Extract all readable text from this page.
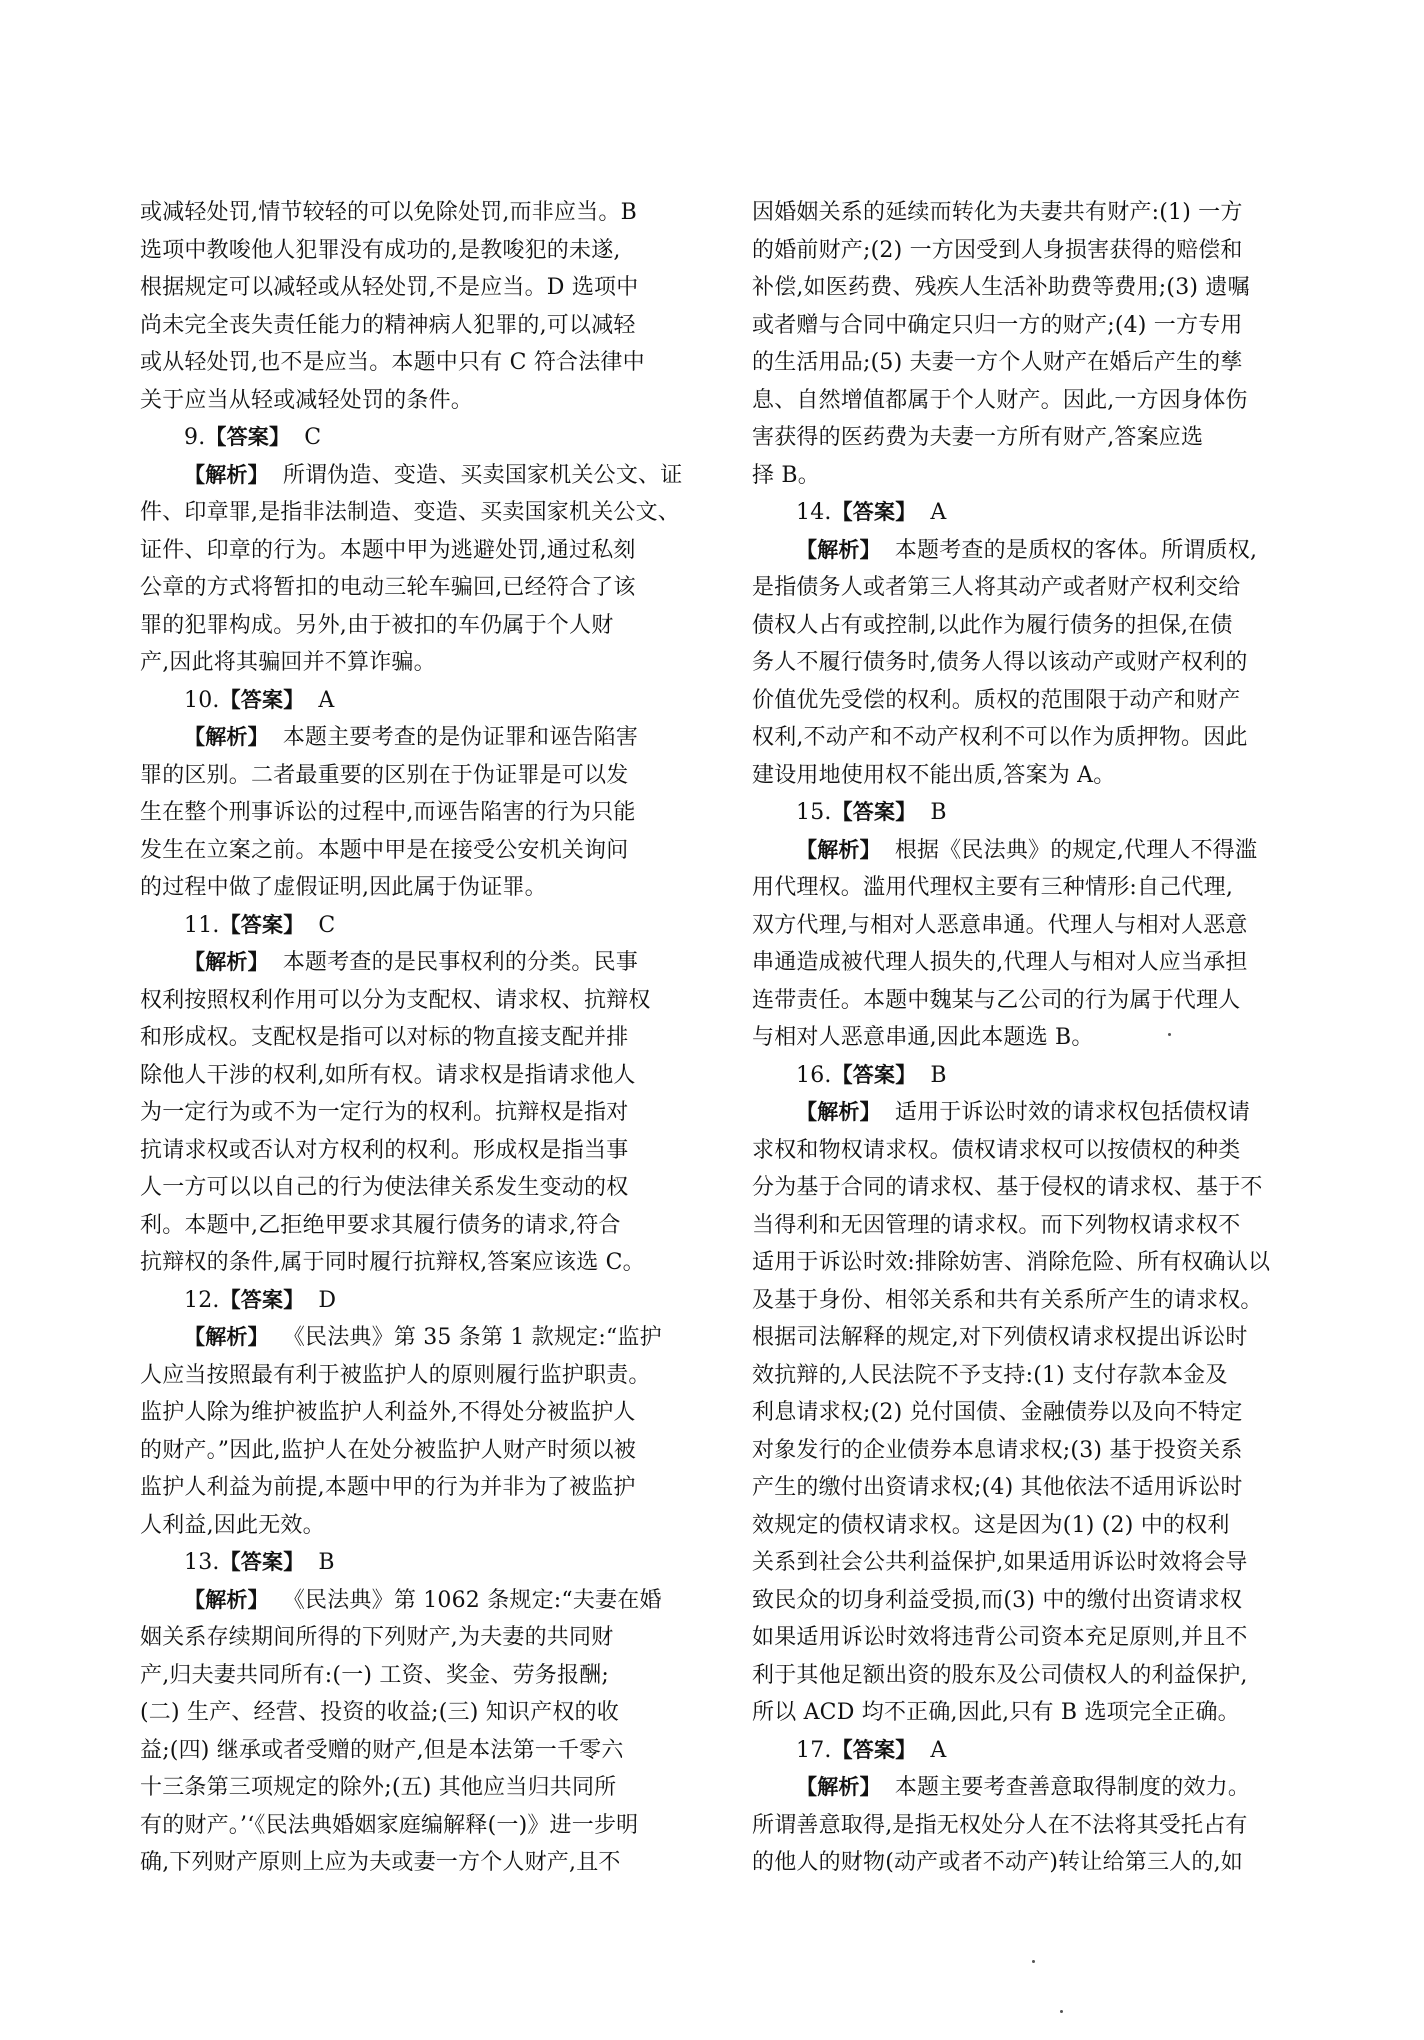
或减轻处罚,情节较轻的可以免除处罚,而非应当。B
选项中教唆他人犯罪没有成功的,是教唆犯的未遂,
根据规定可以减轻或从轻处罚,不是应当。D 选项中
尚未完全丧失责任能力的精神病人犯罪的,可以减轻
或从轻处罚,也不是应当。本题中只有 C 符合法律中
关于应当从轻或减轻处罚的条件。
9.【答案】 C
【解析】 所谓伪造、变造、买卖国家机关公文、证
件、印章罪,是指非法制造、变造、买卖国家机关公文、
证件、印章的行为。本题中甲为逃避处罚,通过私刻
公章的方式将暂扣的电动三轮车骗回,已经符合了该
罪的犯罪构成。另外,由于被扣的车仍属于个人财
产,因此将其骗回并不算诈骗。
10.【答案】 A
【解析】 本题主要考查的是伪证罪和诬告陷害
罪的区别。二者最重要的区别在于伪证罪是可以发
生在整个刑事诉讼的过程中,而诬告陷害的行为只能
发生在立案之前。本题中甲是在接受公安机关询问
的过程中做了虚假证明,因此属于伪证罪。
11.【答案】 C
【解析】 本题考查的是民事权利的分类。民事
权利按照权利作用可以分为支配权、请求权、抗辩权
和形成权。支配权是指可以对标的物直接支配并排
除他人干涉的权利,如所有权。请求权是指请求他人
为一定行为或不为一定行为的权利。抗辩权是指对
抗请求权或否认对方权利的权利。形成权是指当事
人一方可以以自己的行为使法律关系发生变动的权
利。本题中,乙拒绝甲要求其履行债务的请求,符合
抗辩权的条件,属于同时履行抗辩权,答案应该选 C。
12.【答案】 D
【解析】 《民法典》第 35 条第 1 款规定:“监护
人应当按照最有利于被监护人的原则履行监护职责。
监护人除为维护被监护人利益外,不得处分被监护人
的财产。”因此,监护人在处分被监护人财产时须以被
监护人利益为前提,本题中甲的行为并非为了被监护
人利益,因此无效。
13.【答案】 B
【解析】 《民法典》第 1062 条规定:“夫妻在婚
姻关系存续期间所得的下列财产,为夫妻的共同财
产,归夫妻共同所有:(一) 工资、奖金、劳务报酬;
(二) 生产、经营、投资的收益;(三) 知识产权的收
益;(四) 继承或者受赠的财产,但是本法第一千零六
十三条第三项规定的除外;(五) 其他应当归共同所
有的财产。’‘《民法典婚姻家庭编解释(一)》进一步明
确,下列财产原则上应为夫或妻一方个人财产,且不
因婚姻关系的延续而转化为夫妻共有财产:(1) 一方
的婚前财产;(2) 一方因受到人身损害获得的赔偿和
补偿,如医药费、残疾人生活补助费等费用;(3) 遗嘱
或者赠与合同中确定只归一方的财产;(4) 一方专用
的生活用品;(5) 夫妻一方个人财产在婚后产生的孳
息、自然增值都属于个人财产。因此,一方因身体伤
害获得的医药费为夫妻一方所有财产,答案应选
择 B。
14.【答案】 A
【解析】 本题考查的是质权的客体。所谓质权,
是指债务人或者第三人将其动产或者财产权利交给
债权人占有或控制,以此作为履行债务的担保,在债
务人不履行债务时,债务人得以该动产或财产权利的
价值优先受偿的权利。质权的范围限于动产和财产
权利,不动产和不动产权利不可以作为质押物。因此
建设用地使用权不能出质,答案为 A。
15.【答案】 B
【解析】 根据《民法典》的规定,代理人不得滥
用代理权。滥用代理权主要有三种情形:自己代理,
双方代理,与相对人恶意串通。代理人与相对人恶意
串通造成被代理人损失的,代理人与相对人应当承担
连带责任。本题中魏某与乙公司的行为属于代理人
与相对人恶意串通,因此本题选 B。
16.【答案】 B
【解析】 适用于诉讼时效的请求权包括债权请
求权和物权请求权。债权请求权可以按债权的种类
分为基于合同的请求权、基于侵权的请求权、基于不
当得利和无因管理的请求权。而下列物权请求权不
适用于诉讼时效:排除妨害、消除危险、所有权确认以
及基于身份、相邻关系和共有关系所产生的请求权。
根据司法解释的规定,对下列债权请求权提出诉讼时
效抗辩的,人民法院不予支持:(1) 支付存款本金及
利息请求权;(2) 兑付国债、金融债券以及向不特定
对象发行的企业债券本息请求权;(3) 基于投资关系
产生的缴付出资请求权;(4) 其他依法不适用诉讼时
效规定的债权请求权。这是因为(1) (2) 中的权利
关系到社会公共利益保护,如果适用诉讼时效将会导
致民众的切身利益受损,而(3) 中的缴付出资请求权
如果适用诉讼时效将违背公司资本充足原则,并且不
利于其他足额出资的股东及公司债权人的利益保护,
所以 ACD 均不正确,因此,只有 B 选项完全正确。
17.【答案】 A
【解析】 本题主要考查善意取得制度的效力。
所谓善意取得,是指无权处分人在不法将其受托占有
的他人的财物(动产或者不动产)转让给第三人的,如
